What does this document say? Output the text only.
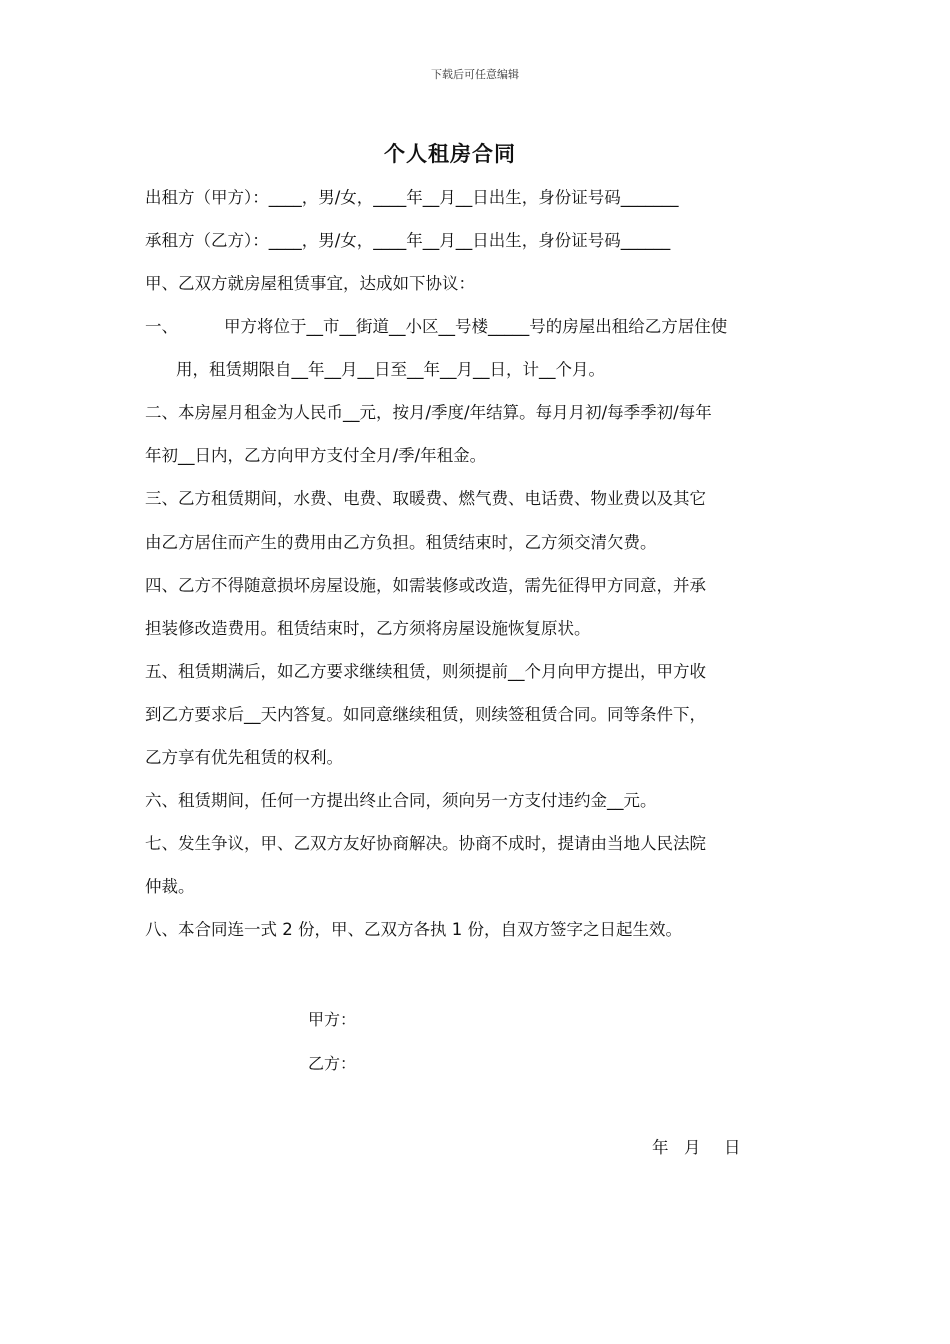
下载后可任意编辑
个人租房合同
出租方（甲方）：____，男/女，____年__月__日出生，身份证号码_______
承租方（乙方）：____，男/女，____年__月__日出生，身份证号码______
甲、乙双方就房屋租赁事宜，达成如下协议：
一、	甲方将位于__市__街道__小区__号楼_____号的房屋出租给乙方居住使
用，租赁期限自__年__月__日至__年__月__日，计__个月。
二、本房屋月租金为人民币__元，按月/季度/年结算。每月月初/每季季初/每年
年初__日内，乙方向甲方支付全月/季/年租金。
三、乙方租赁期间，水费、电费、取暖费、燃气费、电话费、物业费以及其它
由乙方居住而产生的费用由乙方负担。租赁结束时，乙方须交清欠费。
四、乙方不得随意损坏房屋设施，如需装修或改造，需先征得甲方同意，并承
担装修改造费用。租赁结束时，乙方须将房屋设施恢复原状。
五、租赁期满后，如乙方要求继续租赁，则须提前__个月向甲方提出，甲方收
到乙方要求后__天内答复。如同意继续租赁，则续签租赁合同。同等条件下，
乙方享有优先租赁的权利。
六、租赁期间，任何一方提出终止合同，须向另一方支付违约金__元。
七、发生争议，甲、乙双方友好协商解决。协商不成时，提请由当地人民法院
仲裁。
八、本合同连一式 2 份，甲、乙双方各执 1 份，自双方签字之日起生效。
甲方：
乙方：
年 月 日
